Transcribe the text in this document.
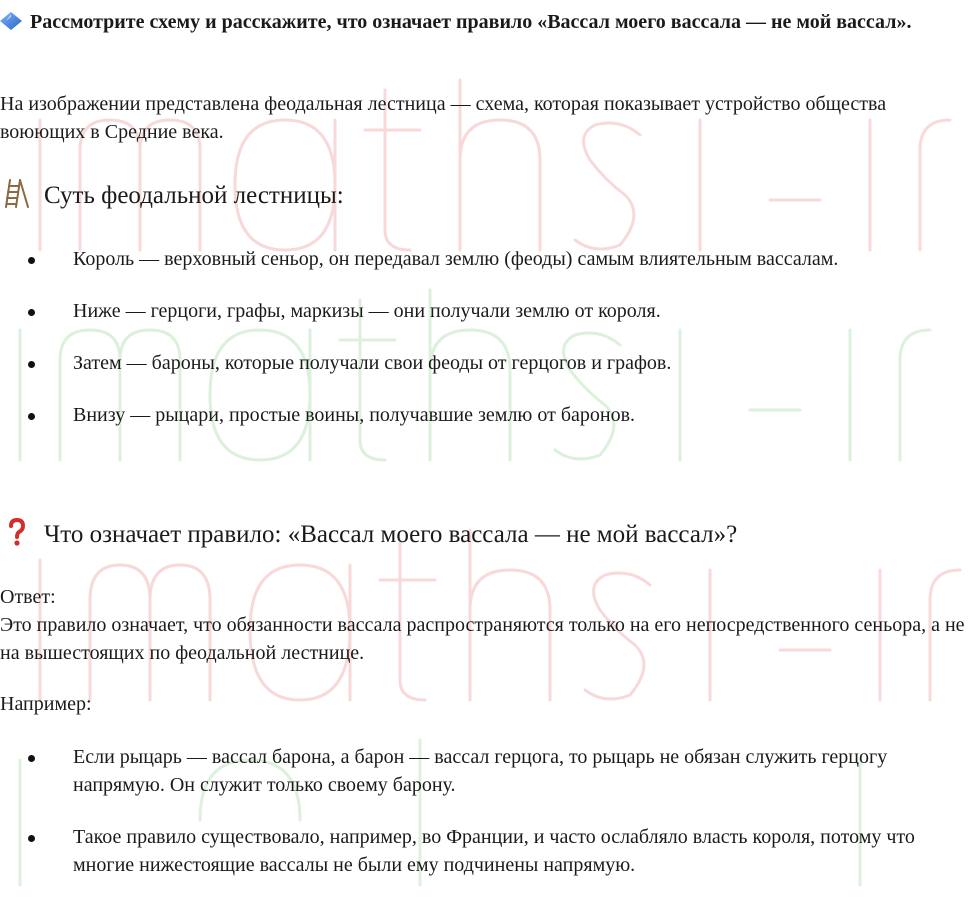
Рассмотрите схему и расскажите, что означает правило «Вассал моего вассала — не мой вассал».

На изображении представлена феодальная лестница — схема, которая показывает устройство общества воюющих в Средние века.

Суть феодальной лестницы:
Король — верховный сеньор, он передавал землю (феоды) самым влиятельным вассалам.
Ниже — герцоги, графы, маркизы — они получали землю от короля.
Затем — бароны, которые получали свои феоды от герцогов и графов.
Внизу — рыцари, простые воины, получавшие землю от баронов.
Что означает правило: «Вассал моего вассала — не мой вассал»?

Ответ:

Это правило означает, что обязанности вассала распространяются только на его непосредственного сеньора, а не на вышестоящих по феодальной лестнице.

Например:

Если рыцарь — вассал барона, а барон — вассал герцога, то рыцарь не обязан служить герцогу напрямую. Он служит только своему барону.
Такое правило существовало, например, во Франции, и часто ослабляло власть короля, потому что многие нижестоящие вассалы не были ему подчинены напрямую.
